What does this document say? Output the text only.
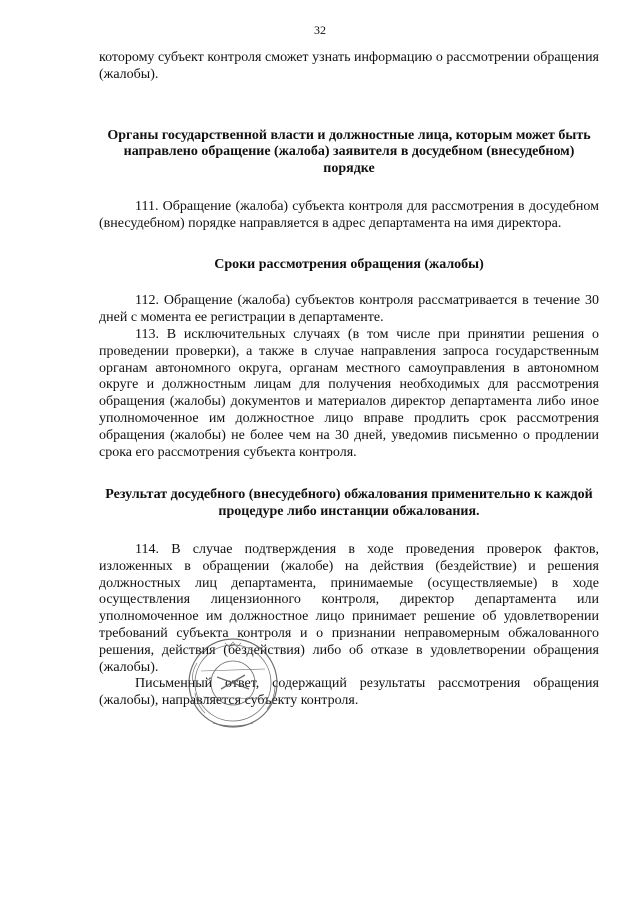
32

которому субъект контроля сможет узнать информацию о рассмотрении обращения (жалобы).

Органы государственной власти и должностные лица, которым может быть направлено обращение (жалоба) заявителя в досудебном (внесудебном) порядке

111. Обращение (жалоба) субъекта контроля для рассмотрения в досудебном (внесудебном) порядке направляется в адрес департамента на имя директора.

Сроки рассмотрения обращения (жалобы)

112. Обращение (жалоба) субъектов контроля рассматривается в течение 30 дней с момента ее регистрации в департаменте.

113. В исключительных случаях (в том числе при принятии решения о проведении проверки), а также в случае направления запроса государственным органам автономного округа, органам местного самоуправления в автономном округе и должностным лицам для получения необходимых для рассмотрения обращения (жалобы) документов и материалов директор департамента либо иное уполномоченное им должностное лицо вправе продлить срок рассмотрения обращения (жалобы) не более чем на 30 дней, уведомив письменно о продлении срока его рассмотрения субъекта контроля.

Результат досудебного (внесудебного) обжалования применительно к каждой процедуре либо инстанции обжалования.

114. В случае подтверждения в ходе проведения проверок фактов, изложенных в обращении (жалобе) на действия (бездействие) и решения должностных лиц департамента, принимаемые (осуществляемые) в ходе осуществления лицензионного контроля, директор департамента или уполномоченное им должностное лицо принимает решение об удовлетворении требований субъекта контроля и о признании неправомерным обжалованного решения, действия (бездействия) либо об отказе в удовлетворении обращения (жалобы).

Письменный ответ, содержащий результаты рассмотрения обращения (жалобы), направляется субъекту контроля.
